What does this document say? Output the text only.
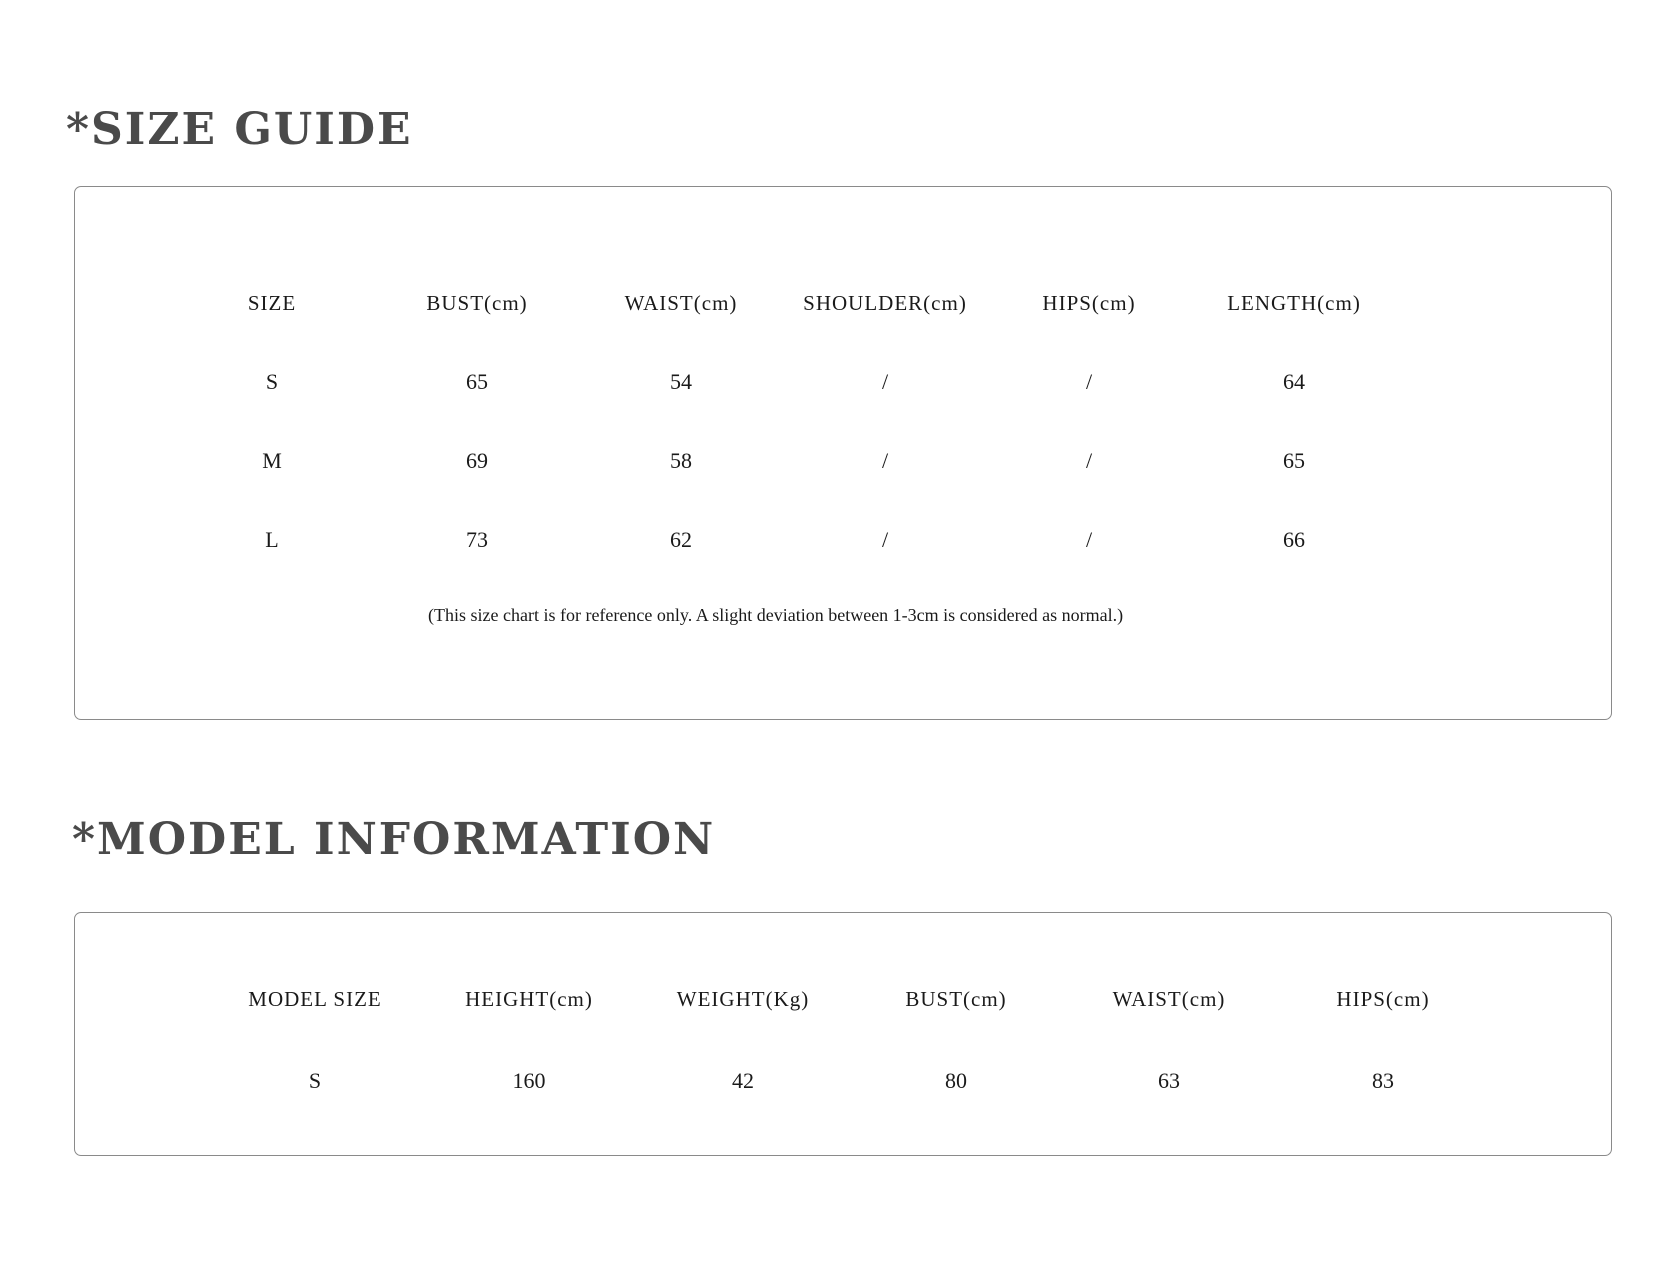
*SIZE GUIDE
SIZE	BUST(cm)	WAIST(cm)	SHOULDER(cm)	HIPS(cm)	LENGTH(cm)
S	65	54	/	/	64
M	69	58	/	/	65
L	73	62	/	/	66
(This size chart is for reference only. A slight deviation between 1-3cm is considered as normal.)
*MODEL INFORMATION
MODEL SIZE	HEIGHT(cm)	WEIGHT(Kg)	BUST(cm)	WAIST(cm)	HIPS(cm)
S	160	42	80	63	83
